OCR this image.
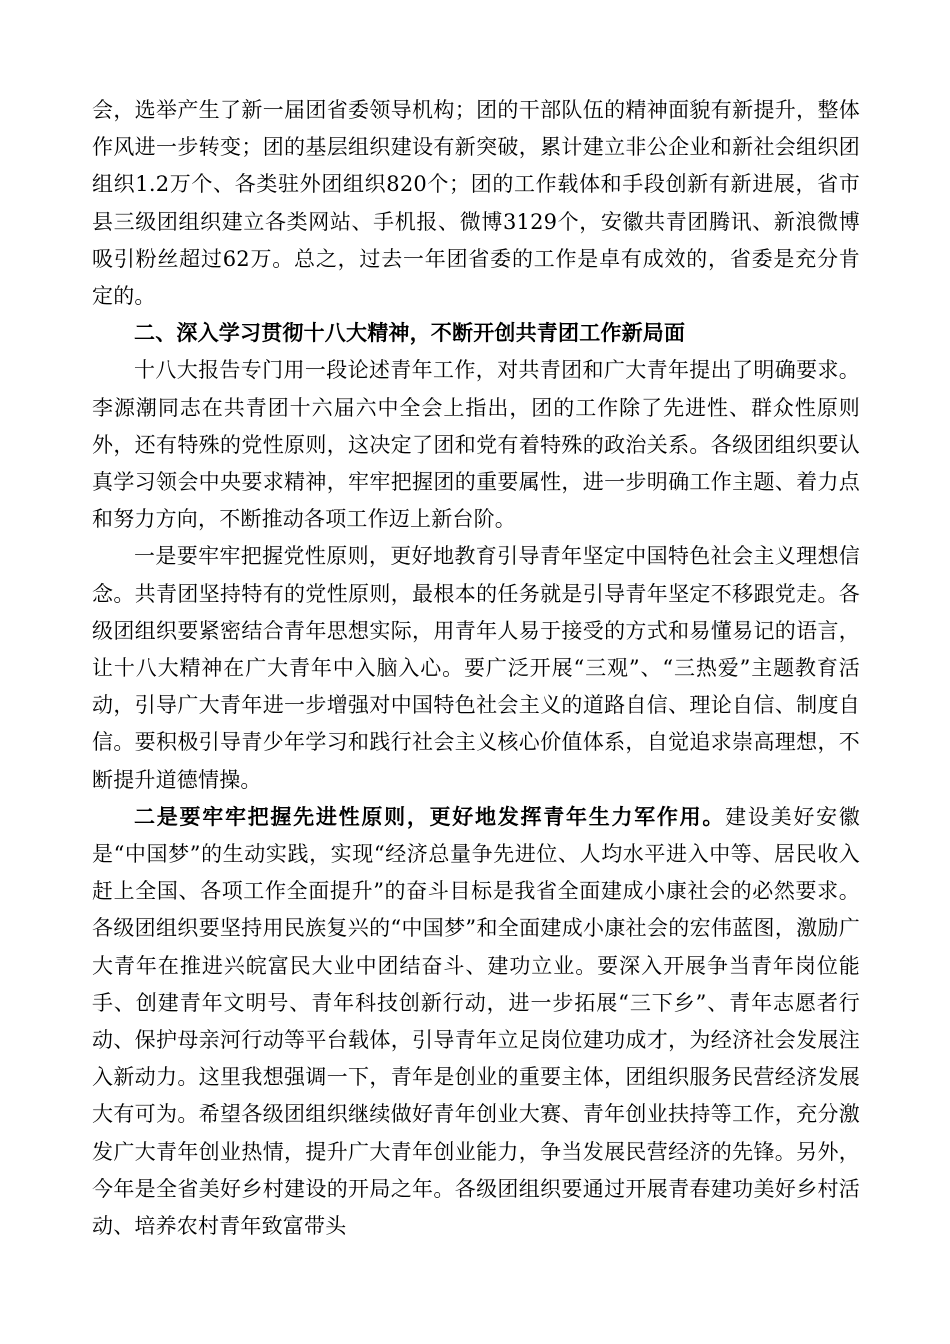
会，选举产生了新一届团省委领导机构；团的干部队伍的精神面貌有新提升，整体作风进一步转变；团的基层组织建设有新突破，累计建立非公企业和新社会组织团组织1.2万个、各类驻外团组织820个；团的工作载体和手段创新有新进展，省市县三级团组织建立各类网站、手机报、微博3129个，安徽共青团腾讯、新浪微博吸引粉丝超过62万。总之，过去一年团省委的工作是卓有成效的，省委是充分肯定的。

二、深入学习贯彻十八大精神，不断开创共青团工作新局面

十八大报告专门用一段论述青年工作，对共青团和广大青年提出了明确要求。李源潮同志在共青团十六届六中全会上指出，团的工作除了先进性、群众性原则外，还有特殊的党性原则，这决定了团和党有着特殊的政治关系。各级团组织要认真学习领会中央要求精神，牢牢把握团的重要属性，进一步明确工作主题、着力点和努力方向，不断推动各项工作迈上新台阶。

一是要牢牢把握党性原则，更好地教育引导青年坚定中国特色社会主义理想信念。共青团坚持特有的党性原则，最根本的任务就是引导青年坚定不移跟党走。各级团组织要紧密结合青年思想实际，用青年人易于接受的方式和易懂易记的语言，让十八大精神在广大青年中入脑入心。要广泛开展“三观”、“三热爱”主题教育活动，引导广大青年进一步增强对中国特色社会主义的道路自信、理论自信、制度自信。要积极引导青少年学习和践行社会主义核心价值体系，自觉追求崇高理想，不断提升道德情操。

二是要牢牢把握先进性原则，更好地发挥青年生力军作用。建设美好安徽是“中国梦”的生动实践，实现“经济总量争先进位、人均水平进入中等、居民收入赶上全国、各项工作全面提升”的奋斗目标是我省全面建成小康社会的必然要求。各级团组织要坚持用民族复兴的“中国梦”和全面建成小康社会的宏伟蓝图，激励广大青年在推进兴皖富民大业中团结奋斗、建功立业。要深入开展争当青年岗位能手、创建青年文明号、青年科技创新行动，进一步拓展“三下乡”、青年志愿者行动、保护母亲河行动等平台载体，引导青年立足岗位建功成才，为经济社会发展注入新动力。这里我想强调一下，青年是创业的重要主体，团组织服务民营经济发展大有可为。希望各级团组织继续做好青年创业大赛、青年创业扶持等工作，充分激发广大青年创业热情，提升广大青年创业能力，争当发展民营经济的先锋。另外，今年是全省美好乡村建设的开局之年。各级团组织要通过开展青春建功美好乡村活动、培养农村青年致富带头
